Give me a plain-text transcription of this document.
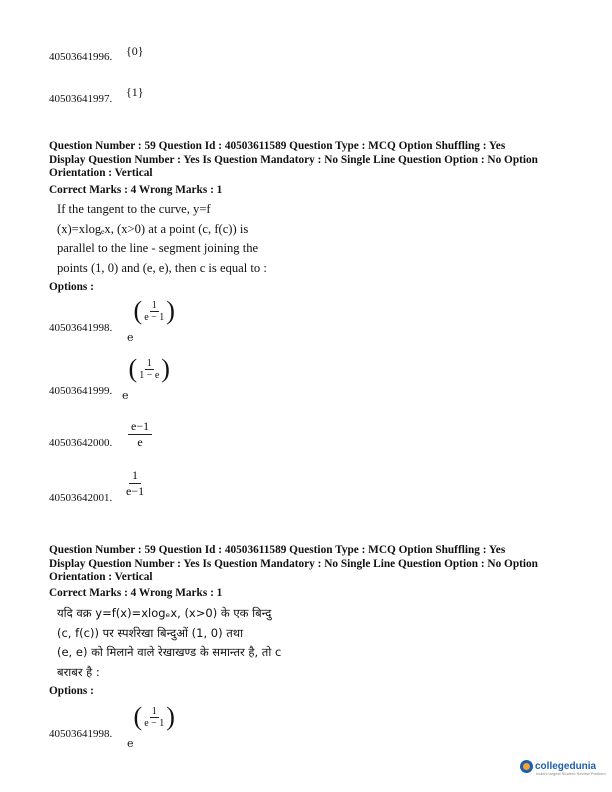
40503641996. {0}
40503641997. {1}
Question Number : 59 Question Id : 40503611589 Question Type : MCQ Option Shuffling : Yes
Display Question Number : Yes Is Question Mandatory : No Single Line Question Option : No Option
Orientation : Vertical
Correct Marks : 4 Wrong Marks : 1
If the tangent to the curve, y=f
(x)=xlogₑx, (x>0) at a point (c, f(c)) is
parallel to the line - segment joining the
points (1, 0) and (e, e), then c is equal to :
Options :
40503641998.
$_e( \frac{1}{e - 1}$ )
40503641999. $_e( \frac{1}{1 - e}$ )
40503642000. $\frac{e-1}{e}$
40503642001. $\frac{1}{e-1}$
Question Number : 59 Question Id : 40503611589 Question Type : MCQ Option Shuffling : Yes
Display Question Number : Yes Is Question Mandatory : No Single Line Question Option : No Option
Orientation : Vertical
Correct Marks : 4 Wrong Marks : 1
यदि वक्र y=f(x)=xlogₑx, (x>0) के एक बिन्दु
(c, f(c)) पर स्पर्शरेखा बिन्दुओं (1, 0) तथा
(e, e) को मिलाने वाले रेखाखण्ड के समान्तर है, तो c
बराबर है :
Options :
40503641998.
$_e( \frac{1}{e - 1}$ )
collegedunia
India's largest Student Review Platform
